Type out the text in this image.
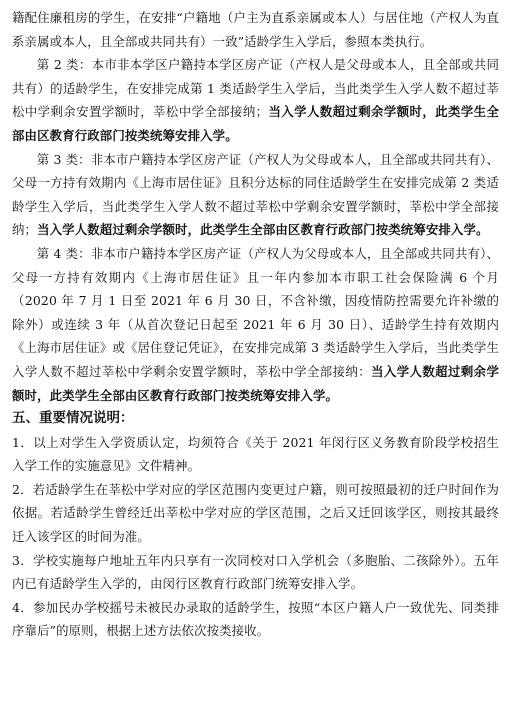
籍配住廉租房的学生，在安排“户籍地（户主为直系亲属或本人）与居住地（产权人为直系亲属或本人，且全部或共同共有）一致”适龄学生入学后，参照本类执行。

第 2 类：本市非本学区户籍持本学区房产证（产权人是父母或本人，且全部或共同共有）的适龄学生，在安排完成第 1 类适龄学生入学后，当此类学生入学人数不超过莘松中学剩余安置学额时，莘松中学全部接纳；当入学人数超过剩余学额时，此类学生全部由区教育行政部门按类统筹安排入学。

第 3 类：非本市户籍持本学区房产证（产权人为父母或本人，且全部或共同共有）、父母一方持有效期内《上海市居住证》且积分达标的同住适龄学生在安排完成第 2 类适龄学生入学后，当此类学生入学人数不超过莘松中学剩余安置学额时，莘松中学全部接纳；当入学人数超过剩余学额时，此类学生全部由区教育行政部门按类统筹安排入学。

第 4 类：非本市户籍持本学区房产证（产权人为父母或本人，且全部或共同共有）、父母一方持有效期内《上海市居住证》且一年内参加本市职工社会保险满 6 个月（2020 年 7 月 1 日至 2021 年 6 月 30 日，不含补缴，因疫情防控需要允许补缴的除外）或连续 3 年（从首次登记日起至 2021 年 6 月 30 日）、适龄学生持有效期内《上海市居住证》或《居住登记凭证》，在安排完成第 3 类适龄学生入学后，当此类学生入学人数不超过莘松中学剩余安置学额时，莘松中学全部接纳：当入学人数超过剩余学额时，此类学生全部由区教育行政部门按类统筹安排入学。

五、重要情况说明：

1．以上对学生入学资质认定，均须符合《关于 2021 年闵行区义务教育阶段学校招生入学工作的实施意见》文件精神。

2．若适龄学生在莘松中学对应的学区范围内变更过户籍，则可按照最初的迁户时间作为依据。若适龄学生曾经迁出莘松中学对应的学区范围，之后又迁回该学区，则按其最终迁入该学区的时间为准。

3．学校实施每户地址五年内只享有一次同校对口入学机会（多胞胎、二孩除外）。五年内已有适龄学生入学的，由闵行区教育行政部门统筹安排入学。

4．参加民办学校摇号未被民办录取的适龄学生，按照“本区户籍人户一致优先、同类排序靠后”的原则，根据上述方法依次按类接收。
